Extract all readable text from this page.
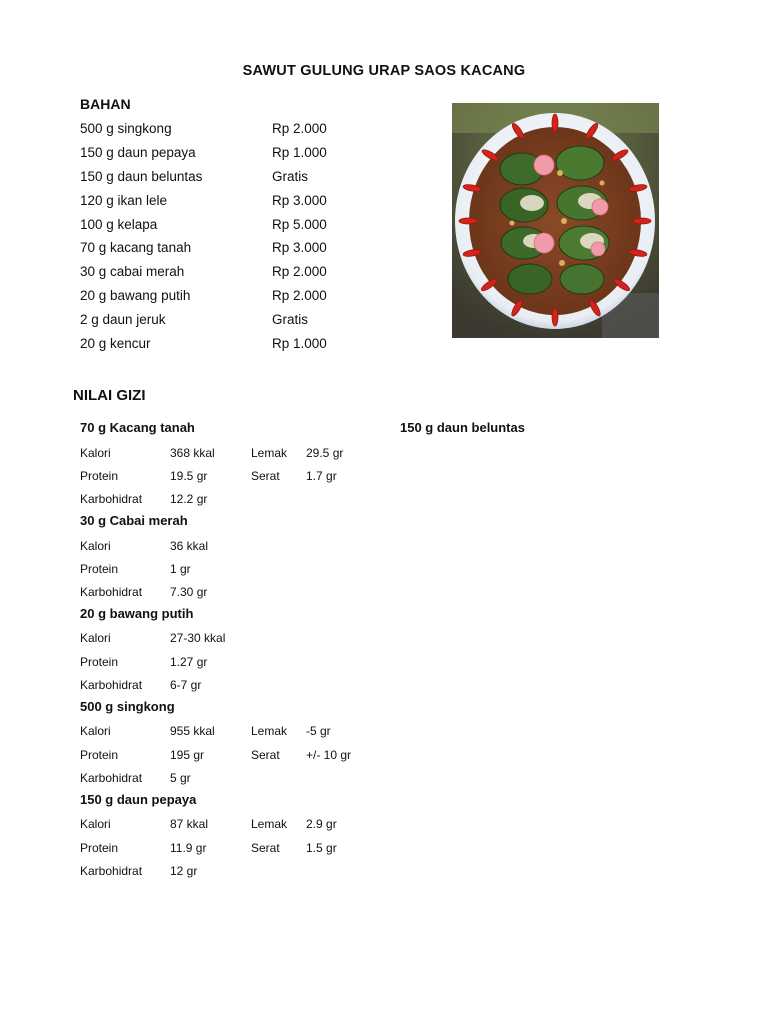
SAWUT GULUNG URAP SAOS KACANG
BAHAN
500 g singkong	Rp 2.000
150 g daun pepaya	Rp 1.000
150 g daun beluntas	Gratis
120 g ikan lele	Rp 3.000
100 g kelapa	Rp 5.000
70 g kacang tanah	Rp 3.000
30 g cabai merah	Rp 2.000
20 g bawang putih	Rp 2.000
2 g daun jeruk	Gratis
20 g kencur	Rp 1.000
NILAI GIZI
70 g Kacang tanah
Kalori	368 kkal	Lemak	29.5 gr
Protein	19.5 gr	Serat	1.7 gr
Karbohidrat	12.2 gr
30 g Cabai merah
Kalori	36 kkal
Protein	1 gr
Karbohidrat	7.30 gr
20 g bawang putih
Kalori	27-30 kkal
Protein	1.27 gr
Karbohidrat	6-7 gr
500 g singkong
Kalori	955 kkal	Lemak	-5 gr
Protein	195 gr	Serat	+/- 10 gr
Karbohidrat	5 gr
150 g daun pepaya
Kalori	87 kkal	Lemak	2.9 gr
Protein	11.9 gr	Serat	1.5 gr
Karbohidrat	12 gr
150 g daun beluntas
